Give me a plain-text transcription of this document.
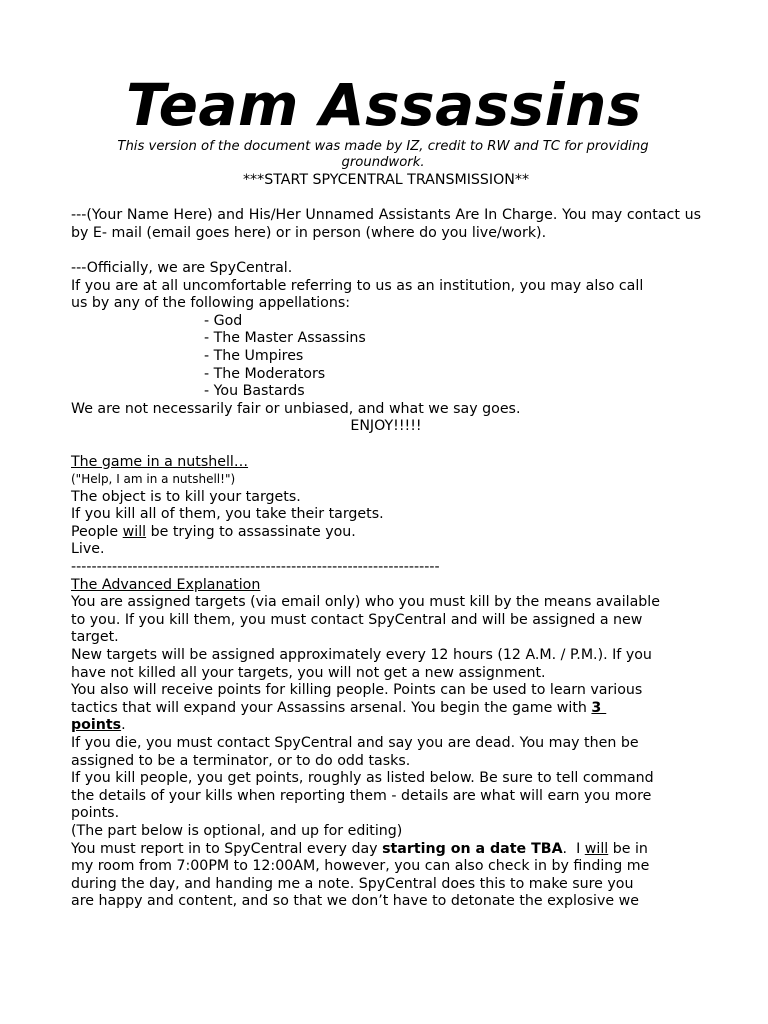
Team Assassins
This version of the document was made by IZ, credit to RW and TC for providing groundwork.
***START SPYCENTRAL TRANSMISSION**
---(Your Name Here) and His/Her Unnamed Assistants Are In Charge. You may contact us by E- mail (email goes here) or in person (where do you live/work).
---Officially, we are SpyCentral.
If you are at all uncomfortable referring to us as an institution, you may also call
us by any of the following appellations:
- God
- The Master Assassins
- The Umpires
- The Moderators
- You Bastards
We are not necessarily fair or unbiased, and what we say goes.
ENJOY!!!!!
The game in a nutshell…
("Help, I am in a nutshell!")
The object is to kill your targets.
If you kill all of them, you take their targets.
People will be trying to assassinate you.
Live.
------------------------------------------------------------------------
The Advanced Explanation
You are assigned targets (via email only) who you must kill by the means available
to you. If you kill them, you must contact SpyCentral and will be assigned a new
target.
New targets will be assigned approximately every 12 hours (12 A.M. / P.M.). If you
have not killed all your targets, you will not get a new assignment.
You also will receive points for killing people. Points can be used to learn various
tactics that will expand your Assassins arsenal. You begin the game with 3
points.
If you die, you must contact SpyCentral and say you are dead. You may then be
assigned to be a terminator, or to do odd tasks.
If you kill people, you get points, roughly as listed below. Be sure to tell command
the details of your kills when reporting them - details are what will earn you more
points.
(The part below is optional, and up for editing)
You must report in to SpyCentral every day starting on a date TBA.  I will be in
my room from 7:00PM to 12:00AM, however, you can also check in by finding me
during the day, and handing me a note. SpyCentral does this to make sure you
are happy and content, and so that we don’t have to detonate the explosive we
